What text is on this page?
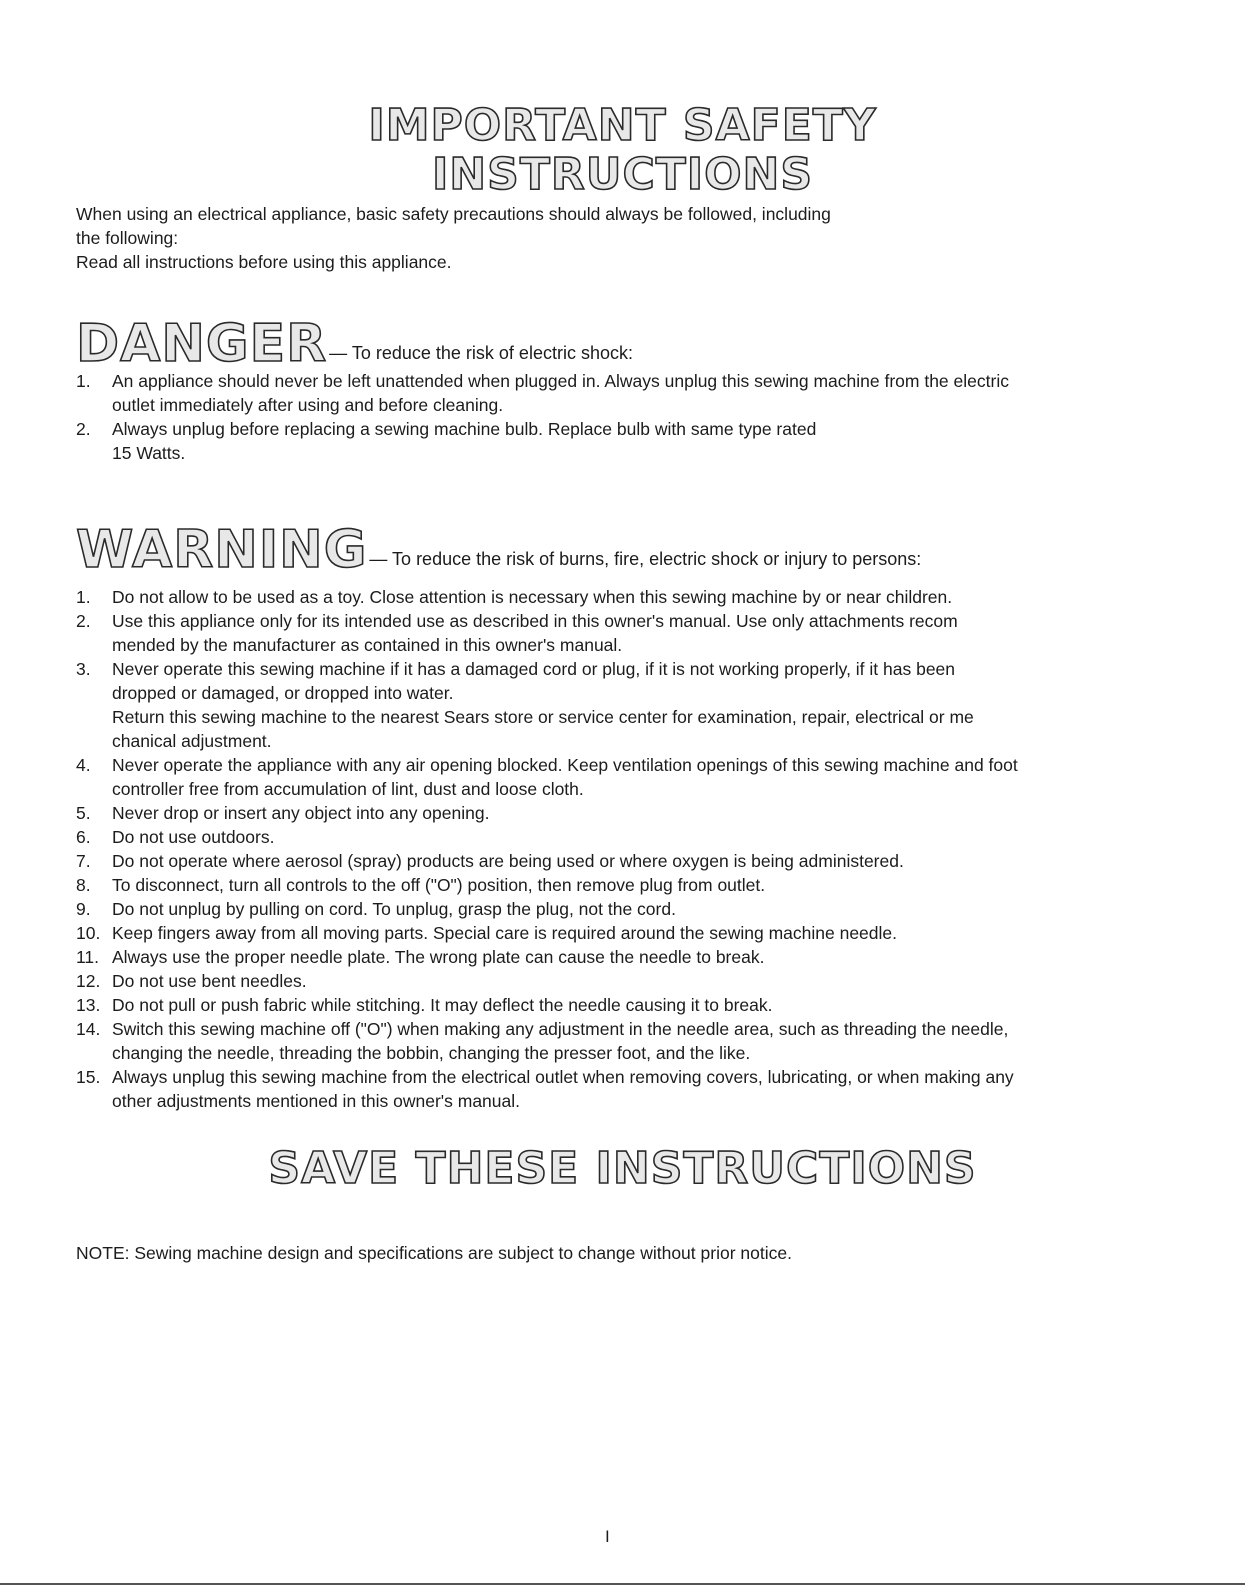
IMPORTANT SAFETY
INSTRUCTIONS
When using an electrical appliance, basic safety precautions should always be followed, including
the following:
Read all instructions before using this appliance.
DANGER — To reduce the risk of electric shock:
1. An appliance should never be left unattended when plugged in. Always unplug this sewing machine from the electric
outlet immediately after using and before cleaning.
2. Always unplug before replacing a sewing machine bulb. Replace bulb with same type rated
15 Watts.
WARNING — To reduce the risk of burns, fire, electric shock or injury to persons:
1. Do not allow to be used as a toy. Close attention is necessary when this sewing machine by or near children.
2. Use this appliance only for its intended use as described in this owner's manual. Use only attachments recom
mended by the manufacturer as contained in this owner's manual.
3. Never operate this sewing machine if it has a damaged cord or plug, if it is not working properly, if it has been
dropped or damaged, or dropped into water.
Return this sewing machine to the nearest Sears store or service center for examination, repair, electrical or me
chanical adjustment.
4. Never operate the appliance with any air opening blocked. Keep ventilation openings of this sewing machine and foot
controller free from accumulation of lint, dust and loose cloth.
5. Never drop or insert any object into any opening.
6. Do not use outdoors.
7. Do not operate where aerosol (spray) products are being used or where oxygen is being administered.
8. To disconnect, turn all controls to the off ("O") position, then remove plug from outlet.
9. Do not unplug by pulling on cord. To unplug, grasp the plug, not the cord.
10. Keep fingers away from all moving parts. Special care is required around the sewing machine needle.
11. Always use the proper needle plate. The wrong plate can cause the needle to break.
12. Do not use bent needles.
13. Do not pull or push fabric while stitching. It may deflect the needle causing it to break.
14. Switch this sewing machine off ("O") when making any adjustment in the needle area, such as threading the needle,
changing the needle, threading the bobbin, changing the presser foot, and the like.
15. Always unplug this sewing machine from the electrical outlet when removing covers, lubricating, or when making any
other adjustments mentioned in this owner's manual.
SAVE THESE INSTRUCTIONS
NOTE: Sewing machine design and specifications are subject to change without prior notice.
I
